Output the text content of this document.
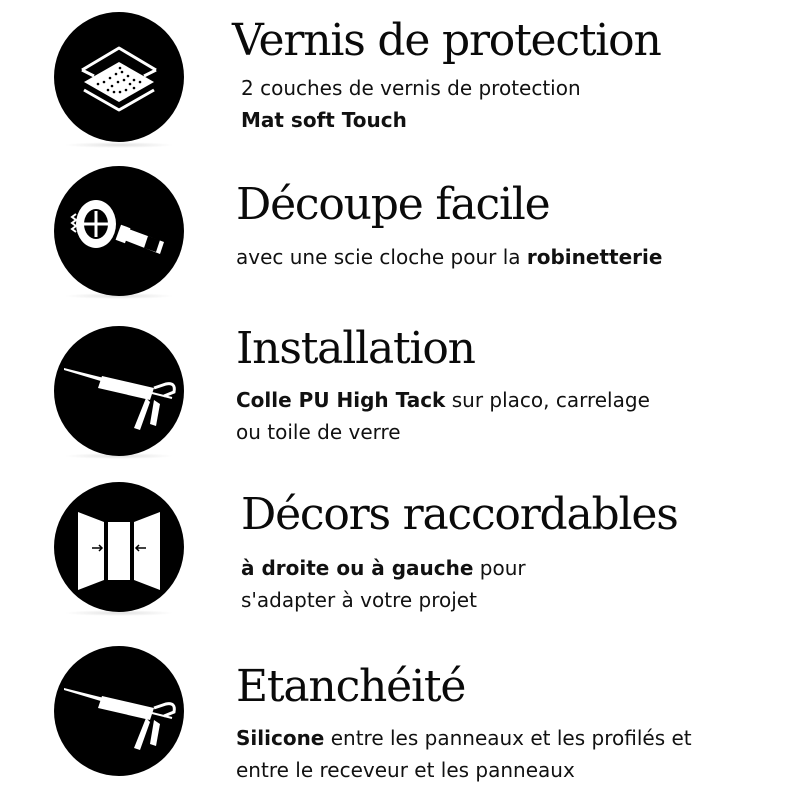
Vernis de protection
2 couches de vernis de protection
Mat soft Touch
Découpe facile
avec une scie cloche pour la robinetterie
Installation
Colle PU High Tack sur placo, carrelage
ou toile de verre
Décors raccordables
à droite ou à gauche pour
s'adapter à votre projet
Etanchéité
Silicone entre les panneaux et les profilés et
entre le receveur et les panneaux
